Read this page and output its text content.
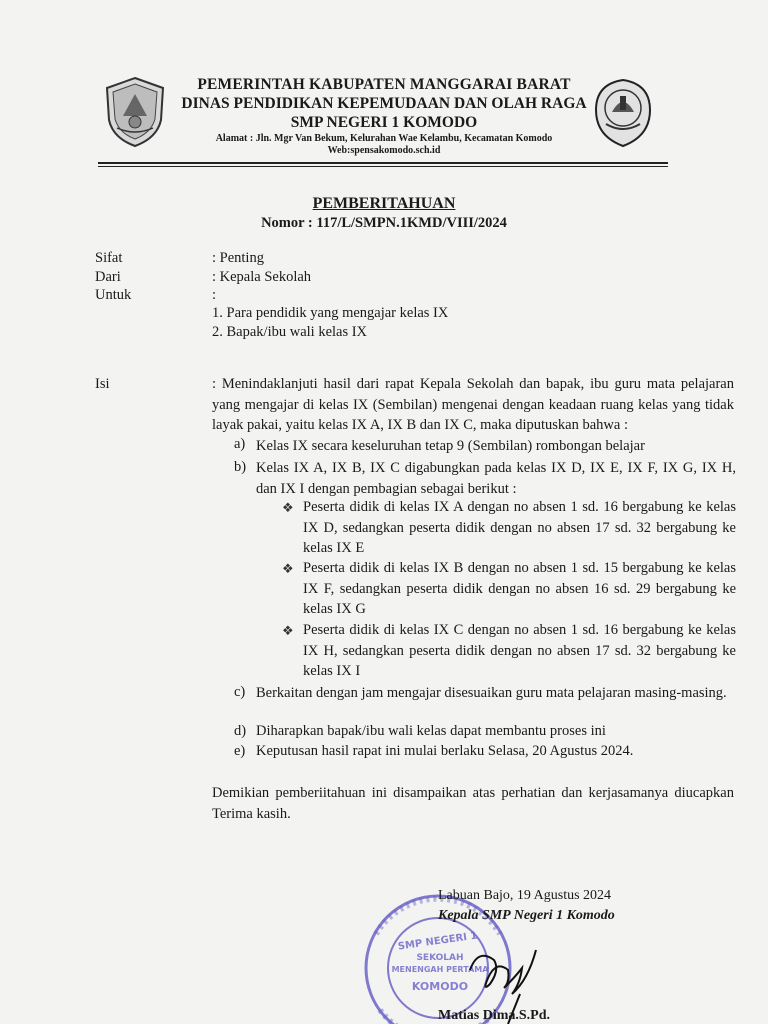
PEMERINTAH KABUPATEN MANGGARAI BARAT
DINAS PENDIDIKAN KEPEMUDAAN DAN OLAH RAGA
SMP NEGERI 1 KOMODO
Alamat : Jln. Mgr Van Bekum, Kelurahan Wae Kelambu, Kecamatan Komodo
Web:spensakomodo.sch.id
PEMBERITAHUAN
Nomor : 117/L/SMPN.1KMD/VIII/2024
Sifat	: Penting
Dari	: Kepala Sekolah
Untuk	:
1. Para pendidik yang mengajar kelas IX
2. Bapak/ibu wali kelas IX
Isi	: Menindaklanjuti hasil dari rapat Kepala Sekolah dan bapak, ibu guru mata pelajaran yang mengajar di kelas IX (Sembilan) mengenai dengan keadaan ruang kelas yang tidak layak pakai, yaitu kelas IX A, IX B dan IX C, maka diputuskan bahwa :
a) Kelas IX secara keseluruhan tetap 9 (Sembilan) rombongan belajar
b) Kelas IX A, IX B, IX C digabungkan pada kelas IX D, IX E, IX F, IX G, IX H, dan IX I dengan pembagian sebagai berikut :
❖ Peserta didik di kelas IX A dengan no absen 1 sd. 16 bergabung ke kelas IX D, sedangkan peserta didik dengan no absen 17 sd. 32 bergabung ke kelas IX E
❖ Peserta didik di kelas IX B dengan no absen 1 sd. 15 bergabung ke kelas IX F, sedangkan peserta didik dengan no absen 16 sd. 29 bergabung ke kelas IX G
❖ Peserta didik di kelas IX C dengan no absen 1 sd. 16 bergabung ke kelas IX H, sedangkan peserta didik dengan no absen 17 sd. 32 bergabung ke kelas IX I
c) Berkaitan dengan jam mengajar disesuaikan guru mata pelajaran masing-masing.
d) Diharapkan bapak/ibu wali kelas dapat membantu proses ini
e) Keputusan hasil rapat ini mulai berlaku Selasa, 20 Agustus 2024.
Demikian pemberiitahuan ini disampaikan atas perhatian dan kerjasamanya diucapkan Terima kasih.
SMP NEGERI 1
SEKOLAH
MENENGAH PERTAMA
KOMODO
Labuan Bajo, 19 Agustus 2024
Kepala SMP Negeri 1 Komodo
Matias Dima.S.Pd.
